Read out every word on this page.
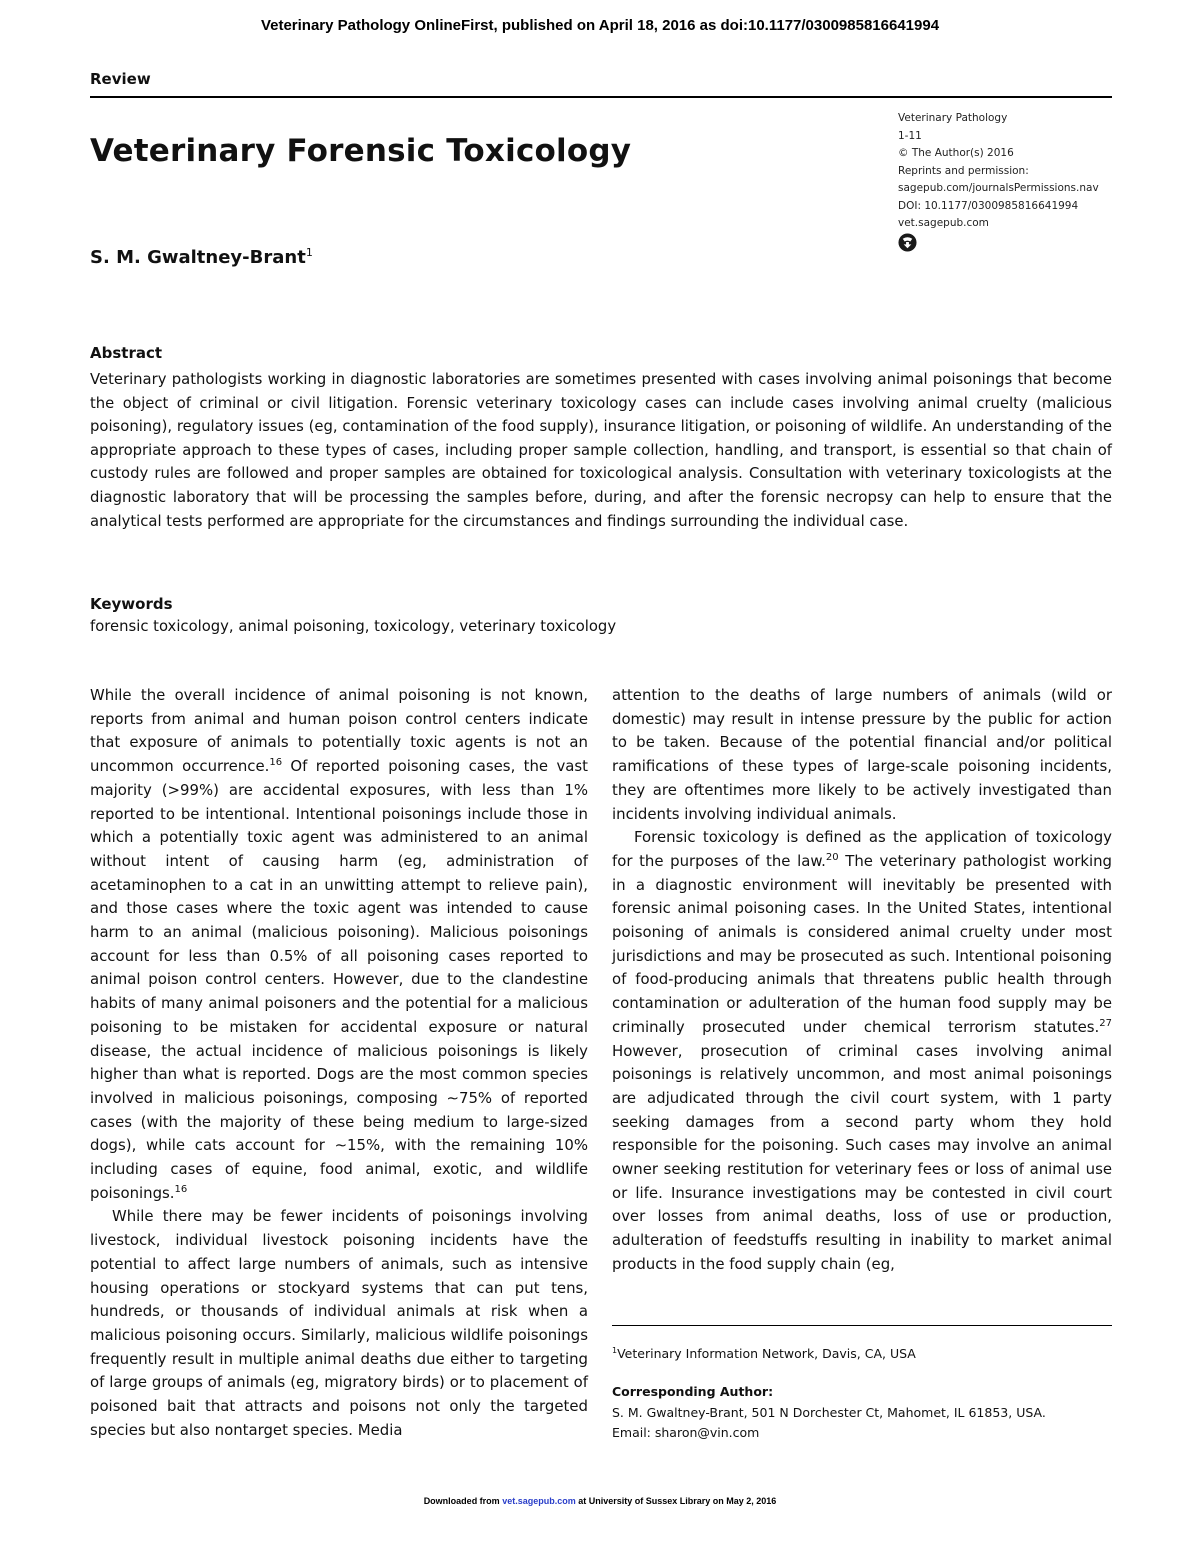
Veterinary Pathology OnlineFirst, published on April 18, 2016 as doi:10.1177/0300985816641994
Review
Veterinary Forensic Toxicology
S. M. Gwaltney-Brant$^1$
Veterinary Pathology
1-11
© The Author(s) 2016
Reprints and permission:
sagepub.com/journalsPermissions.nav
DOI: 10.1177/0300985816641994
vet.sagepub.com
Abstract
Veterinary pathologists working in diagnostic laboratories are sometimes presented with cases involving animal poisonings that become the object of criminal or civil litigation. Forensic veterinary toxicology cases can include cases involving animal cruelty (malicious poisoning), regulatory issues (eg, contamination of the food supply), insurance litigation, or poisoning of wildlife. An understanding of the appropriate approach to these types of cases, including proper sample collection, handling, and transport, is essential so that chain of custody rules are followed and proper samples are obtained for toxicological analysis. Consultation with veterinary toxicologists at the diagnostic laboratory that will be processing the samples before, during, and after the forensic necropsy can help to ensure that the analytical tests performed are appropriate for the circumstances and findings surrounding the individual case.
Keywords
forensic toxicology, animal poisoning, toxicology, veterinary toxicology

While the overall incidence of animal poisoning is not known, reports from animal and human poison control centers indicate that exposure of animals to potentially toxic agents is not an uncommon occurrence.$^{16}$ Of reported poisoning cases, the vast majority (>99%) are accidental exposures, with less than 1% reported to be intentional. Intentional poisonings include those in which a potentially toxic agent was administered to an animal without intent of causing harm (eg, administration of acetaminophen to a cat in an unwitting attempt to relieve pain), and those cases where the toxic agent was intended to cause harm to an animal (malicious poisoning). Malicious poisonings account for less than 0.5% of all poisoning cases reported to animal poison control centers. However, due to the clandestine habits of many animal poisoners and the potential for a malicious poisoning to be mistaken for accidental exposure or natural disease, the actual incidence of malicious poisonings is likely higher than what is reported. Dogs are the most common species involved in malicious poisonings, composing ∼75% of reported cases (with the majority of these being medium to large-sized dogs), while cats account for ∼15%, with the remaining 10% including cases of equine, food animal, exotic, and wildlife poisonings.$^{16}$

While there may be fewer incidents of poisonings involving livestock, individual livestock poisoning incidents have the potential to affect large numbers of animals, such as intensive housing operations or stockyard systems that can put tens, hundreds, or thousands of individual animals at risk when a malicious poisoning occurs. Similarly, malicious wildlife poisonings frequently result in multiple animal deaths due either to targeting of large groups of animals (eg, migratory birds) or to placement of poisoned bait that attracts and poisons not only the targeted species but also nontarget species. Media

attention to the deaths of large numbers of animals (wild or domestic) may result in intense pressure by the public for action to be taken. Because of the potential financial and/or political ramifications of these types of large-scale poisoning incidents, they are oftentimes more likely to be actively investigated than incidents involving individual animals.

Forensic toxicology is defined as the application of toxicology for the purposes of the law.$^{20}$ The veterinary pathologist working in a diagnostic environment will inevitably be presented with forensic animal poisoning cases. In the United States, intentional poisoning of animals is considered animal cruelty under most jurisdictions and may be prosecuted as such. Intentional poisoning of food-producing animals that threatens public health through contamination or adulteration of the human food supply may be criminally prosecuted under chemical terrorism statutes.$^{27}$ However, prosecution of criminal cases involving animal poisonings is relatively uncommon, and most animal poisonings are adjudicated through the civil court system, with 1 party seeking damages from a second party whom they hold responsible for the poisoning. Such cases may involve an animal owner seeking restitution for veterinary fees or loss of animal use or life. Insurance investigations may be contested in civil court over losses from animal deaths, loss of use or production, adulteration of feedstuffs resulting in inability to market animal products in the food supply chain (eg,

$^1$Veterinary Information Network, Davis, CA, USA
Corresponding Author:
S. M. Gwaltney-Brant, 501 N Dorchester Ct, Mahomet, IL 61853, USA.
Email: sharon@vin.com
Downloaded from vet.sagepub.com at University of Sussex Library on May 2, 2016
